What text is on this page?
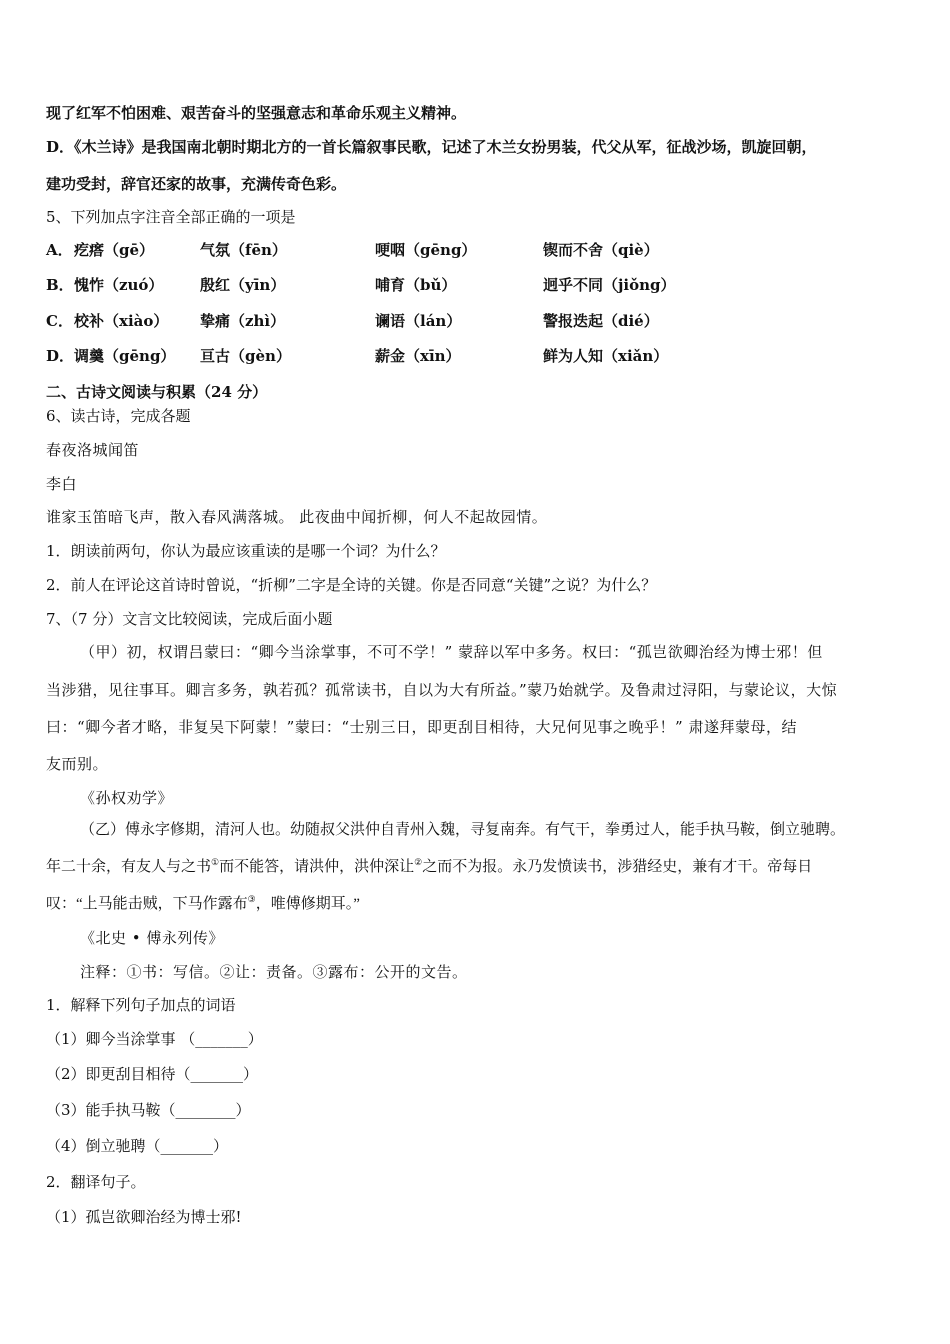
现了红军不怕困难、艰苦奋斗的坚强意志和革命乐观主义精神。
D．《木兰诗》是我国南北朝时期北方的一首长篇叙事民歌，记述了木兰女扮男装，代父从军，征战沙场，凯旋回朝，
建功受封，辞官还家的故事，充满传奇色彩。
5、下列加点字注音全部正确的一项是
A． 疙瘩（gē）	气氛（fēn）	哽咽（gēng）	锲而不舍（qiè）
B． 愧怍（zuó） 殷红（yīn）	哺育（bǔ）	迥乎不同（jiǒng）
C． 校补（xiào） 挚痛（zhì）	谰语（lán）	警报迭起（dié）
D． 调羹（gēng） 亘古（gèn）	薪金（xīn）	鲜为人知（xiǎn）
二、古诗文阅读与积累（24 分）
6、读古诗，完成各题
春夜洛城闻笛
李白
谁家玉笛暗飞声，散入春风满落城。 此夜曲中闻折柳，何人不起故园情。
1．朗读前两句，你认为最应该重读的是哪一个词？为什么？
2．前人在评论这首诗时曾说，“折柳”二字是全诗的关键。你是否同意“关键”之说？为什么？
7、（7 分）文言文比较阅读，完成后面小题
（甲）初，权谓吕蒙曰：“卿今当涂掌事，不可不学！” 蒙辞以军中多务。权曰：“孤岂欲卿治经为博士邪！但
当涉猎，见往事耳。卿言多务，孰若孤？孤常读书，自以为大有所益。”蒙乃始就学。及鲁肃过浔阳，与蒙论议，大惊
曰：“卿今者才略，非复吴下阿蒙！”蒙曰：“士别三日，即更刮目相待，大兄何见事之晚乎！” 肃遂拜蒙母，结
友而别。
《孙权劝学》
（乙）傅永字修期，清河人也。幼随叔父洪仲自青州入魏，寻复南奔。有气干，拳勇过人，能手执马鞍，倒立驰聘。
年二十余，有友人与之书①而不能答，请洪仲，洪仲深让②之而不为报。永乃发愤读书，涉猎经史，兼有才干。帝每日
叹：“上马能击贼，下马作露布③，唯傅修期耳。”
《北史 • 傅永列传》
注释：①书：写信。②让：责备。③露布：公开的文告。
1．解释下列句子加点的词语
（1）卿今当涂掌事 （_______）
（2）即更刮目相待（_______）
（3）能手执马鞍（________）
（4）倒立驰聘（_______）
2．翻译句子。
（1）孤岂欲卿治经为博士邪!
